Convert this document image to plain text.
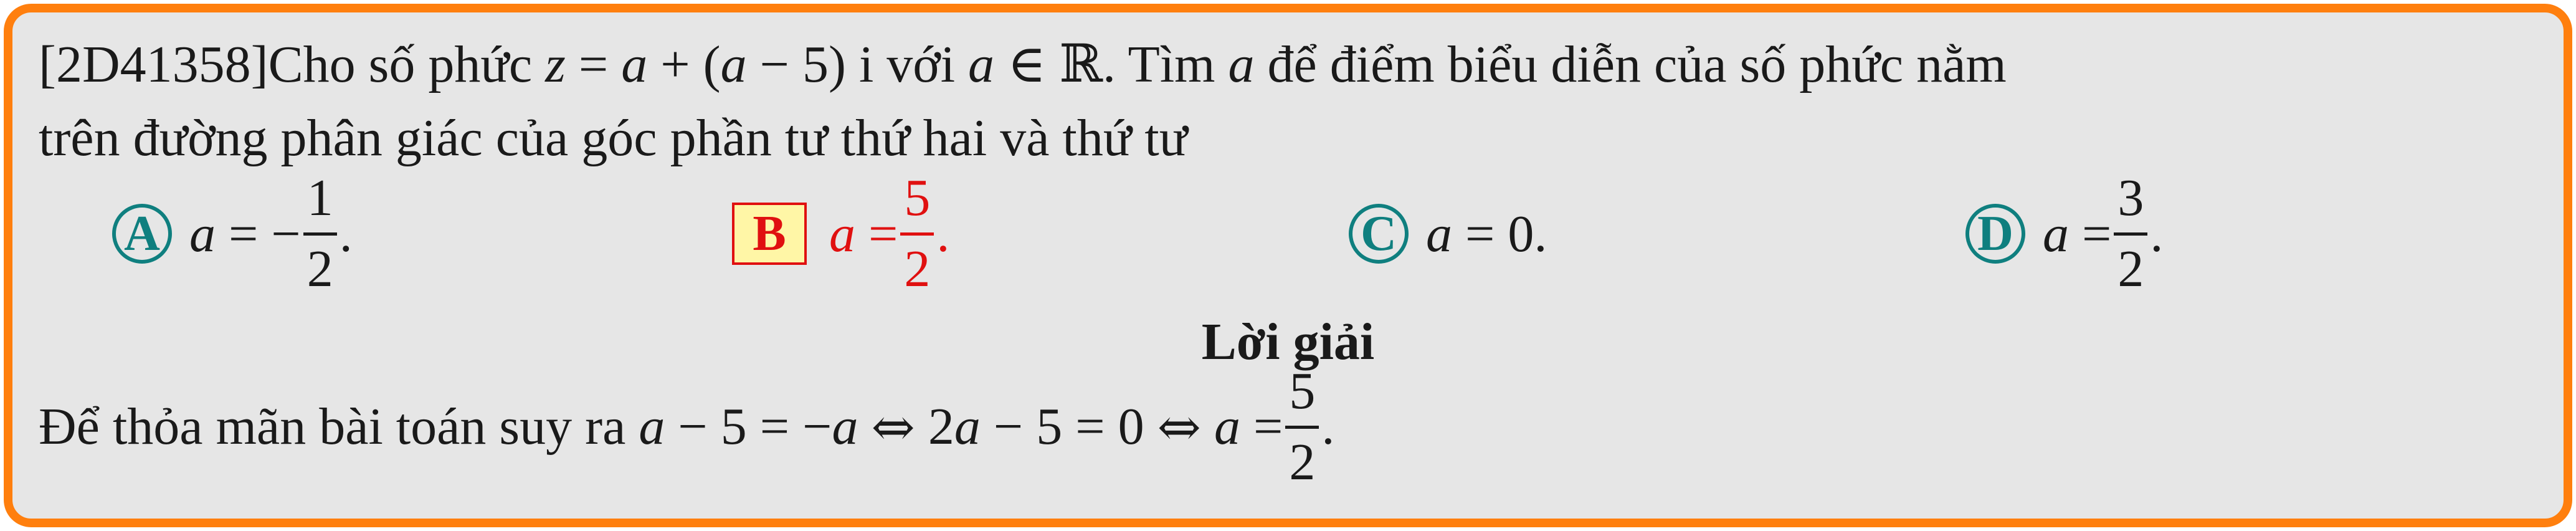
[2D41358]Cho số phức z = a + (a − 5) i với a ∈ ℝ. Tìm a để điểm biểu diễn của số phức nằm
trên đường phân giác của góc phần tư thứ hai và thứ tư
A a
=
− $\frac{1}{2}$ .	B a
= $\frac{5}{2}$ .	C a
=
0 .	D a
= $\frac{3}{2}$ .
Lời giải
Để thỏa mãn bài toán suy ra
a
−
5
=
− a
⇔
2 a
−
5
=
0
⇔
a
= $\frac{5}{2}$ .
